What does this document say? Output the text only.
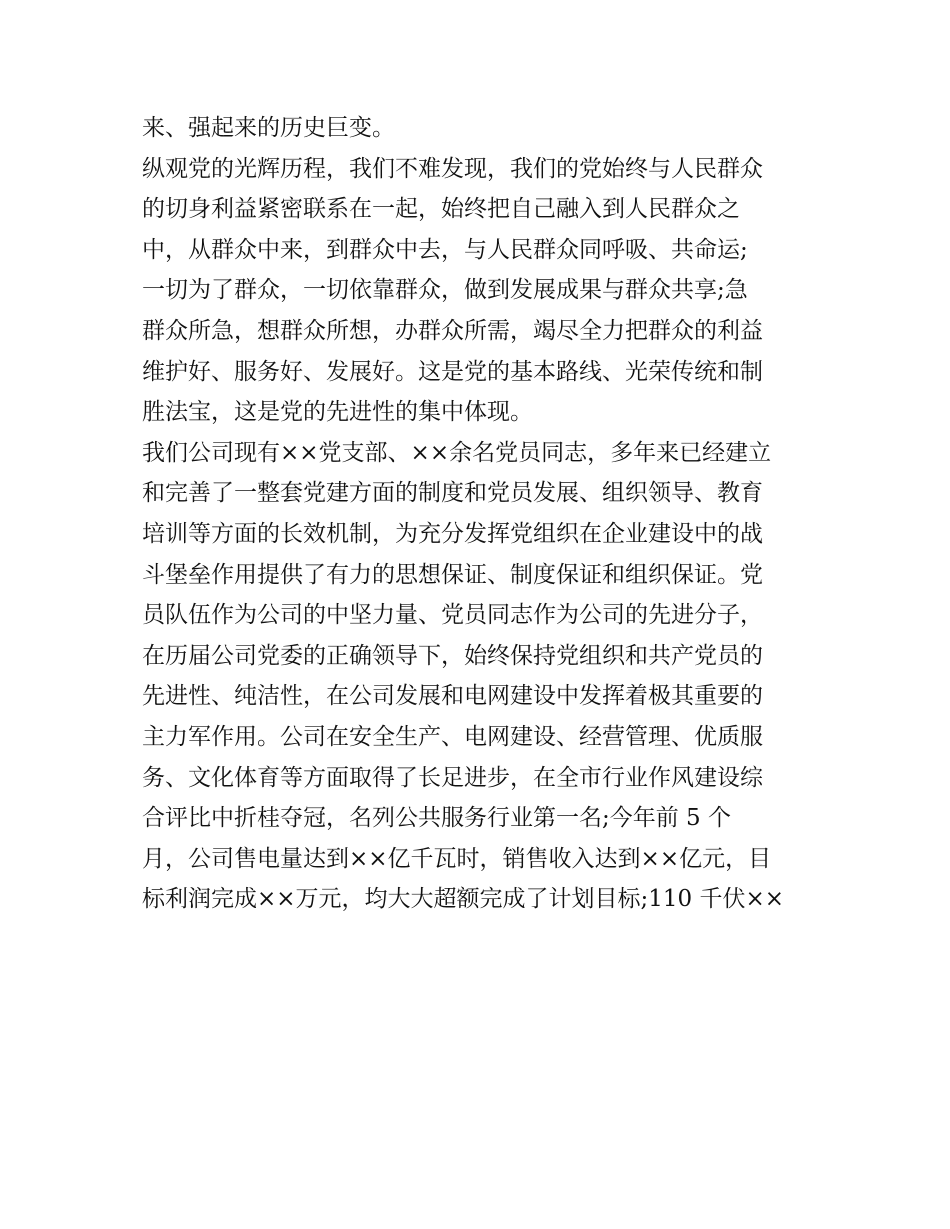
来、强起来的历史巨变。
纵观党的光辉历程，我们不难发现，我们的党始终与人民群众
的切身利益紧密联系在一起，始终把自己融入到人民群众之
中，从群众中来，到群众中去，与人民群众同呼吸、共命运;
一切为了群众，一切依靠群众，做到发展成果与群众共享;急
群众所急，想群众所想，办群众所需，竭尽全力把群众的利益
维护好、服务好、发展好。这是党的基本路线、光荣传统和制
胜法宝，这是党的先进性的集中体现。
我们公司现有××党支部、××余名党员同志，多年来已经建立
和完善了一整套党建方面的制度和党员发展、组织领导、教育
培训等方面的长效机制，为充分发挥党组织在企业建设中的战
斗堡垒作用提供了有力的思想保证、制度保证和组织保证。党
员队伍作为公司的中坚力量、党员同志作为公司的先进分子，
在历届公司党委的正确领导下，始终保持党组织和共产党员的
先进性、纯洁性，在公司发展和电网建设中发挥着极其重要的
主力军作用。公司在安全生产、电网建设、经营管理、优质服
务、文化体育等方面取得了长足进步，在全市行业作风建设综
合评比中折桂夺冠，名列公共服务行业第一名;今年前 5 个
月，公司售电量达到××亿千瓦时，销售收入达到××亿元，目
标利润完成××万元，均大大超额完成了计划目标;110 千伏××
